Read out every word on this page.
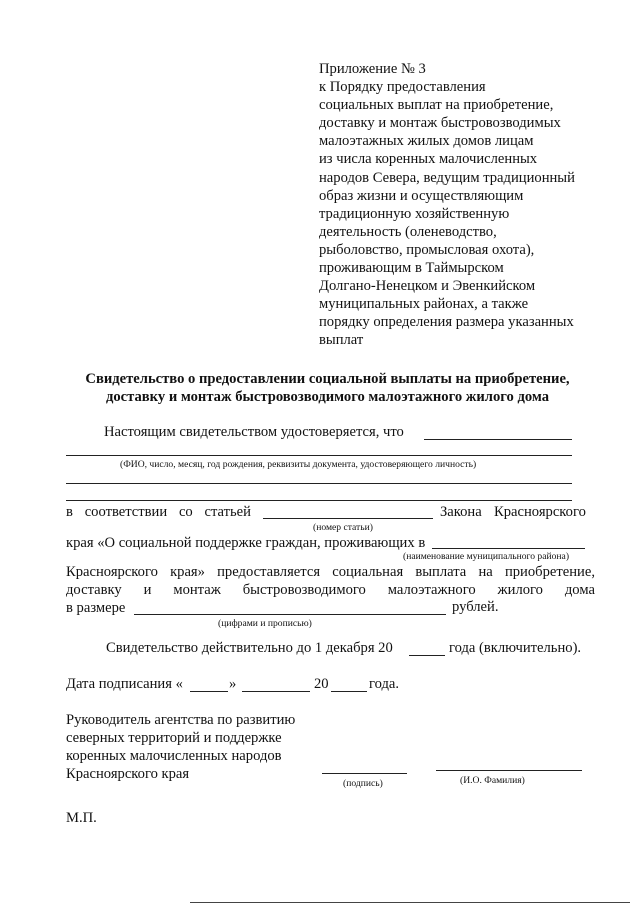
Приложение № 3
к Порядку предоставления
социальных выплат на приобретение,
доставку и монтаж быстровозводимых
малоэтажных жилых домов лицам
из числа коренных малочисленных
народов Севера, ведущим традиционный
образ жизни и осуществляющим
традиционную хозяйственную
деятельность (оленеводство,
рыболовство, промысловая охота),
проживающим в Таймырском
Долгано-Ненецком и Эвенкийском
муниципальных районах, а также
порядку определения размера указанных
выплат
Свидетельство о предоставлении социальной выплаты на приобретение,
доставку и монтаж быстровозводимого малоэтажного жилого дома
Настоящим свидетельством удостоверяется, что
(ФИО, число, месяц, год рождения, реквизиты документа, удостоверяющего личность)
в соответствии со статьей	Закона Красноярского
(номер статьи)
края «О социальной поддержке граждан, проживающих в
(наименование муниципального района)
Красноярского края» предоставляется социальная выплата на приобретение,
доставку и монтаж быстровозводимого малоэтажного жилого дома
в размере	рублей.
(цифрами и прописью)
Свидетельство действительно до 1 декабря 20	года (включительно).
Дата подписания «	»	20	года.
Руководитель агентства по развитию
северных территорий и поддержке
коренных малочисленных народов
Красноярского края
(подпись)	(И.О. Фамилия)
М.П.
